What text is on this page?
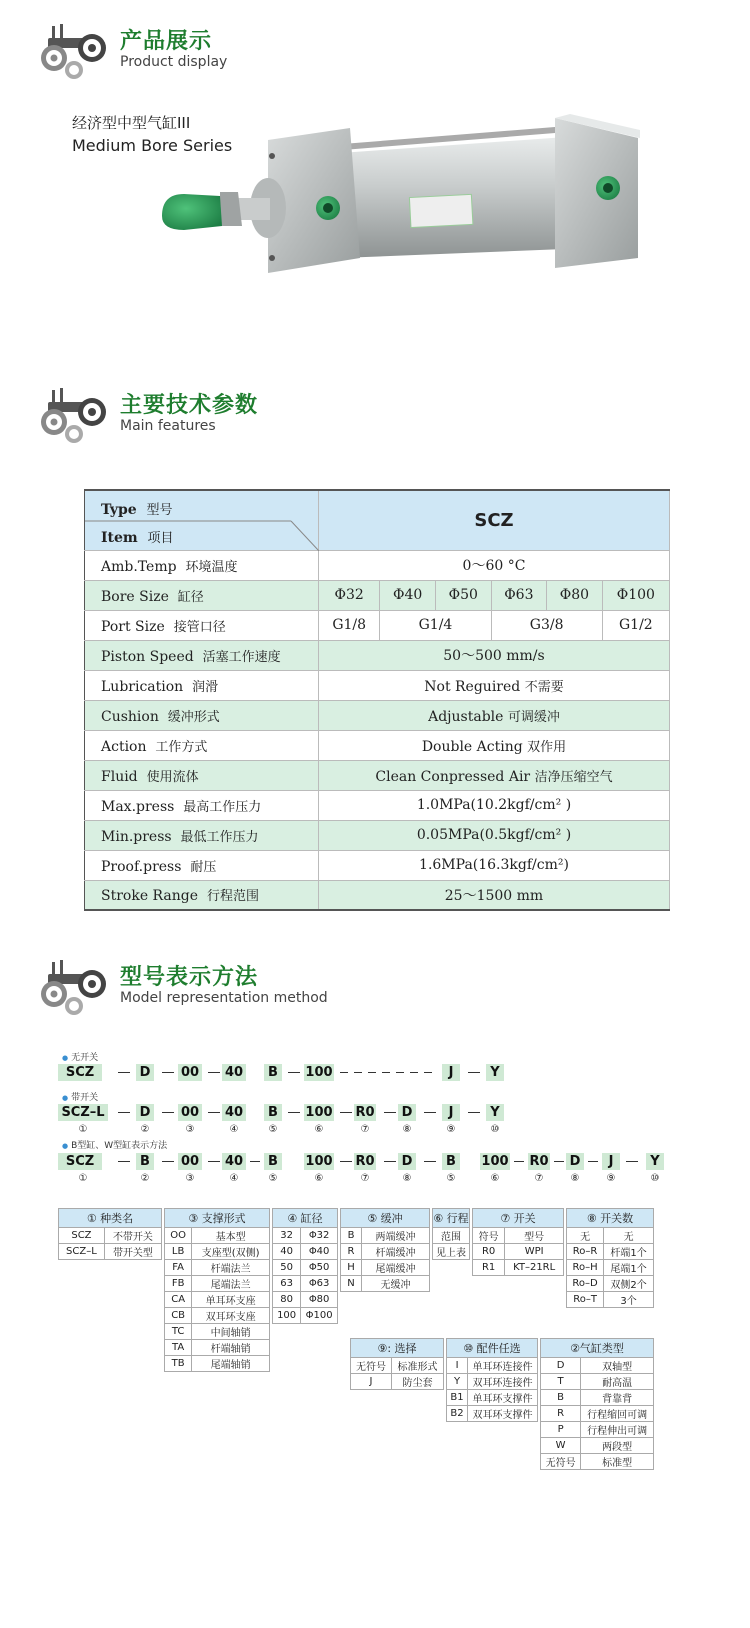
产品展示
Product display
经济型中型气缸III
Medium Bore Series
主要技术参数
Main features
Type 型号
Item 项目	SCZ					
Amb.Temp 环境温度	0～60 °C					
Bore Size 缸径	Φ32	Φ40	Φ50	Φ63	Φ80	Φ100
Port Size 接管口径	G1/8	G1/4		G3/8		G1/2
Piston Speed 活塞工作速度	50～500 mm/s					
Lubrication 润滑	Not Reguired 不需要					
Cushion 缓冲形式	Adjustable 可调缓冲					
Action 工作方式	Double Acting 双作用					
Fluid 使用流体	Clean Conpressed Air 洁净压缩空气					
Max.press 最高工作压力	1.0MPa(10.2kgf/cm² )					
Min.press 最低工作压力	0.05MPa(0.5kgf/cm² )					
Proof.press 耐压	1.6MPa(16.3kgf/cm²)					
Stroke Range 行程范围	25～1500 mm					
型号表示方法
Model representation method
● 无开关
SCZ	D 00 40	B	100	J	Y
● 带开关
SCZ–L	D 00 40	B	100 R0 D	J	Y
①	②	③	④	⑤	⑥	⑦	⑧	⑨	⑩
● B型缸、W型缸表示方法
SCZ	B	00 40	B	100 R0 D	B	100 R0 D	J	Y
①	②	③	④	⑤	⑥	⑦	⑧	⑤	⑥	⑦	⑧	⑨	⑩
① 种类名	
SCZ	不带开关
SCZ–L	带开关型
③ 支撑形式	
OO	基本型
LB	支座型(双侧)
FA	杆端法兰
FB	尾端法兰
CA	单耳环支座
CB	双耳环支座
TC	中间轴销
TA	杆端轴销
TB	尾端轴销
④ 缸径	
32	Φ32
40	Φ40
50	Φ50
63	Φ63
80	Φ80
100	Φ100
⑤ 缓冲	
B	两端缓冲
R	杆端缓冲
H	尾端缓冲
N	无缓冲
⑥ 行程
范围
见上表
⑦ 开关	
符号	型号
R0	WPI
R1	KT–21RL
⑧ 开关数	
无	无
Ro–R	杆端1个
Ro–H	尾端1个
Ro–D	双侧2个
Ro–T	3个
⑨: 选择	
无符号	标准形式
J	防尘套
⑩ 配件任选	
I	单耳环连接件
Y	双耳环连接件
B1	单耳环支撑件
B2	双耳环支撑件
②气缸类型	
D	双轴型
T	耐高温
B	背靠背
R	行程缩回可调
P	行程伸出可调
W	两段型
无符号	标准型
